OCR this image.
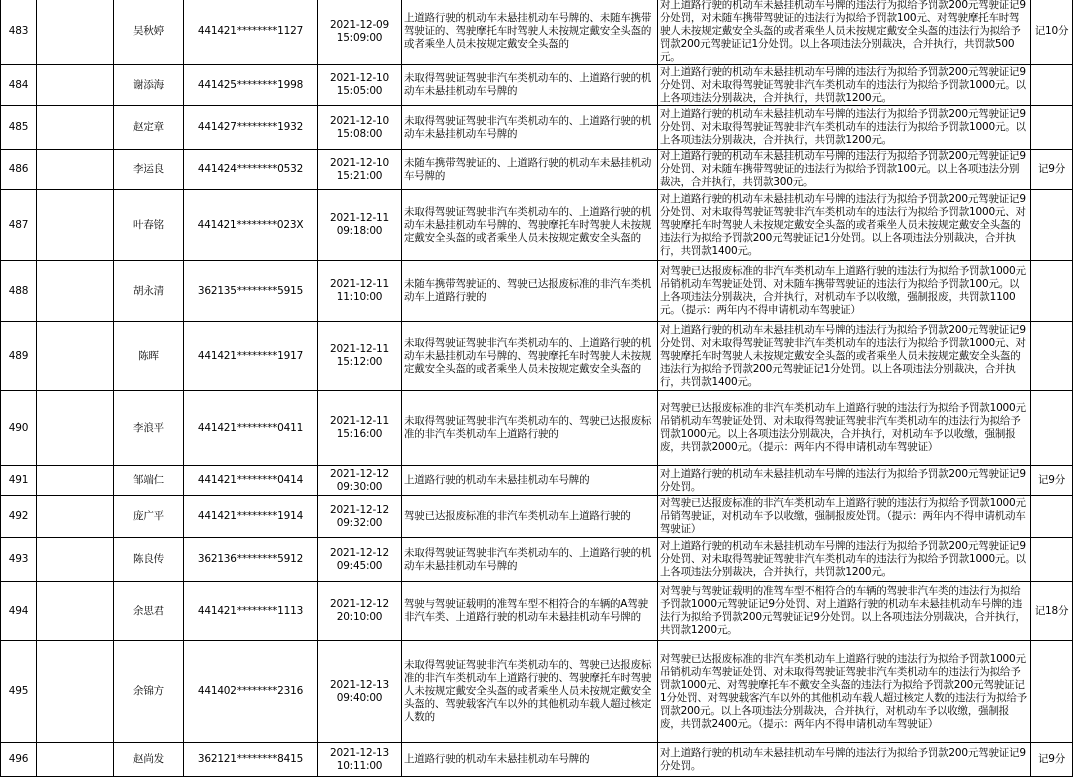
483		吴秋婷	441421********1127	2021-12-09
15:09:00	上道路行驶的机动车未悬挂机动车号牌的、未随车携带驾驶证的、驾驶摩托车时驾驶人未按规定戴安全头盔的或者乘坐人员未按规定戴安全头盔的	对上道路行驶的机动车未悬挂机动车号牌的违法行为拟给予罚款200元驾驶证记9分处罚，对未随车携带驾驶证的违法行为拟给予罚款100元、对驾驶摩托车时驾驶人未按规定戴安全头盔的或者乘坐人员未按规定戴安全头盔的违法行为拟给予罚款200元驾驶证记1分处罚。以上各项违法分别裁决，合并执行，共罚款500元。	记10分
484		谢添海	441425********1998	2021-12-10
15:05:00	未取得驾驶证驾驶非汽车类机动车的、上道路行驶的机动车未悬挂机动车号牌的	对上道路行驶的机动车未悬挂机动车号牌的违法行为拟给予罚款200元驾驶证记9分处罚、对未取得驾驶证驾驶非汽车类机动车的违法行为拟给予罚款1000元。以上各项违法分别裁决，合并执行，共罚款1200元。	
485		赵定章	441427********1932	2021-12-10
15:08:00	未取得驾驶证驾驶非汽车类机动车的、上道路行驶的机动车未悬挂机动车号牌的	对上道路行驶的机动车未悬挂机动车号牌的违法行为拟给予罚款200元驾驶证记9分处罚、对未取得驾驶证驾驶非汽车类机动车的违法行为拟给予罚款1000元。以上各项违法分别裁决，合并执行，共罚款1200元。	
486		李运良	441424********0532	2021-12-10
15:21:00	未随车携带驾驶证的、上道路行驶的机动车未悬挂机动车号牌的	对上道路行驶的机动车未悬挂机动车号牌的违法行为拟给予罚款200元驾驶证记9分处罚、对未随车携带驾驶证的违法行为拟给予罚款100元。以上各项违法分别裁决，合并执行，共罚款300元。	记9分
487		叶春铭	441421********023X	2021-12-11
09:18:00	未取得驾驶证驾驶非汽车类机动车的、上道路行驶的机动车未悬挂机动车号牌的、驾驶摩托车时驾驶人未按规定戴安全头盔的或者乘坐人员未按规定戴安全头盔的	对上道路行驶的机动车未悬挂机动车号牌的违法行为拟给予罚款200元驾驶证记9分处罚、对未取得驾驶证驾驶非汽车类机动车的违法行为拟给予罚款1000元、对驾驶摩托车时驾驶人未按规定戴安全头盔的或者乘坐人员未按规定戴安全头盔的违法行为拟给予罚款200元驾驶证记1分处罚。以上各项违法分别裁决，合并执行，共罚款1400元。	
488		胡永清	362135********5915	2021-12-11
11:10:00	未随车携带驾驶证的、驾驶已达报废标准的非汽车类机动车上道路行驶的	对驾驶已达报废标准的非汽车类机动车上道路行驶的违法行为拟给予罚款1000元吊销机动车驾驶证处罚、对未随车携带驾驶证的违法行为拟给予罚款100元。以上各项违法分别裁决，合并执行，对机动车予以收缴，强制报废，共罚款1100元。（提示：两年内不得申请机动车驾驶证）	
489		陈晖	441421********1917	2021-12-11
15:12:00	未取得驾驶证驾驶非汽车类机动车的、上道路行驶的机动车未悬挂机动车号牌的、驾驶摩托车时驾驶人未按规定戴安全头盔的或者乘坐人员未按规定戴安全头盔的	对上道路行驶的机动车未悬挂机动车号牌的违法行为拟给予罚款200元驾驶证记9分处罚、对未取得驾驶证驾驶非汽车类机动车的违法行为拟给予罚款1000元、对驾驶摩托车时驾驶人未按规定戴安全头盔的或者乘坐人员未按规定戴安全头盔的违法行为拟给予罚款200元驾驶证记1分处罚。以上各项违法分别裁决，合并执行，共罚款1400元。	
490		李浪平	441421********0411	2021-12-11
15:16:00	未取得驾驶证驾驶非汽车类机动车的、驾驶已达报废标准的非汽车类机动车上道路行驶的	对驾驶已达报废标准的非汽车类机动车上道路行驶的违法行为拟给予罚款1000元吊销机动车驾驶证处罚、对未取得驾驶证驾驶非汽车类机动车的违法行为拟给予罚款1000元。以上各项违法分别裁决，合并执行，对机动车予以收缴，强制报废，共罚款2000元。（提示：两年内不得申请机动车驾驶证）	
491		邹端仁	441421********0414	2021-12-12
09:30:00	上道路行驶的机动车未悬挂机动车号牌的	对上道路行驶的机动车未悬挂机动车号牌的违法行为拟给予罚款200元驾驶证记9分处罚。	记9分
492		庞广平	441421********1914	2021-12-12
09:32:00	驾驶已达报废标准的非汽车类机动车上道路行驶的	对驾驶已达报废标准的非汽车类机动车上道路行驶的违法行为拟给予罚款1000元吊销驾驶证，对机动车予以收缴，强制报废处罚。（提示：两年内不得申请机动车驾驶证）	
493		陈良传	362136********5912	2021-12-12
09:45:00	未取得驾驶证驾驶非汽车类机动车的、上道路行驶的机动车未悬挂机动车号牌的	对上道路行驶的机动车未悬挂机动车号牌的违法行为拟给予罚款200元驾驶证记9分处罚、对未取得驾驶证驾驶非汽车类机动车的违法行为拟给予罚款1000元。以上各项违法分别裁决，合并执行，共罚款1200元。	
494		余思君	441421********1113	2021-12-12
20:10:00	驾驶与驾驶证载明的准驾车型不相符合的车辆的A驾驶非汽车类、上道路行驶的机动车未悬挂机动车号牌的	对驾驶与驾驶证载明的准驾车型不相符合的车辆的驾驶非汽车类的违法行为拟给予罚款1000元驾驶证记9分处罚、对上道路行驶的机动车未悬挂机动车号牌的违法行为拟给予罚款200元驾驶证记9分处罚。以上各项违法分别裁决，合并执行，共罚款1200元。	记18分
495		余锦方	441402********2316	2021-12-13
09:40:00	未取得驾驶证驾驶非汽车类机动车的、驾驶已达报废标准的非汽车类机动车上道路行驶的、驾驶摩托车时驾驶人未按规定戴安全头盔的或者乘坐人员未按规定戴安全头盔的、驾驶载客汽车以外的其他机动车载人超过核定人数的	对驾驶已达报废标准的非汽车类机动车上道路行驶的违法行为拟给予罚款1000元吊销机动车驾驶证处罚、对未取得驾驶证驾驶非汽车类机动车的违法行为拟给予罚款1000元、对驾驶摩托车不戴安全头盔的违法行为拟给予罚款200元驾驶证记1分处罚、对驾驶载客汽车以外的其他机动车载人超过核定人数的违法行为拟给予罚款200元。以上各项违法分别裁决，合并执行，对机动车予以收缴，强制报废，共罚款2400元。（提示：两年内不得申请机动车驾驶证）	
496		赵尚发	362121********8415	2021-12-13
10:11:00	上道路行驶的机动车未悬挂机动车号牌的	对上道路行驶的机动车未悬挂机动车号牌的违法行为拟给予罚款200元驾驶证记9分处罚。	记9分
